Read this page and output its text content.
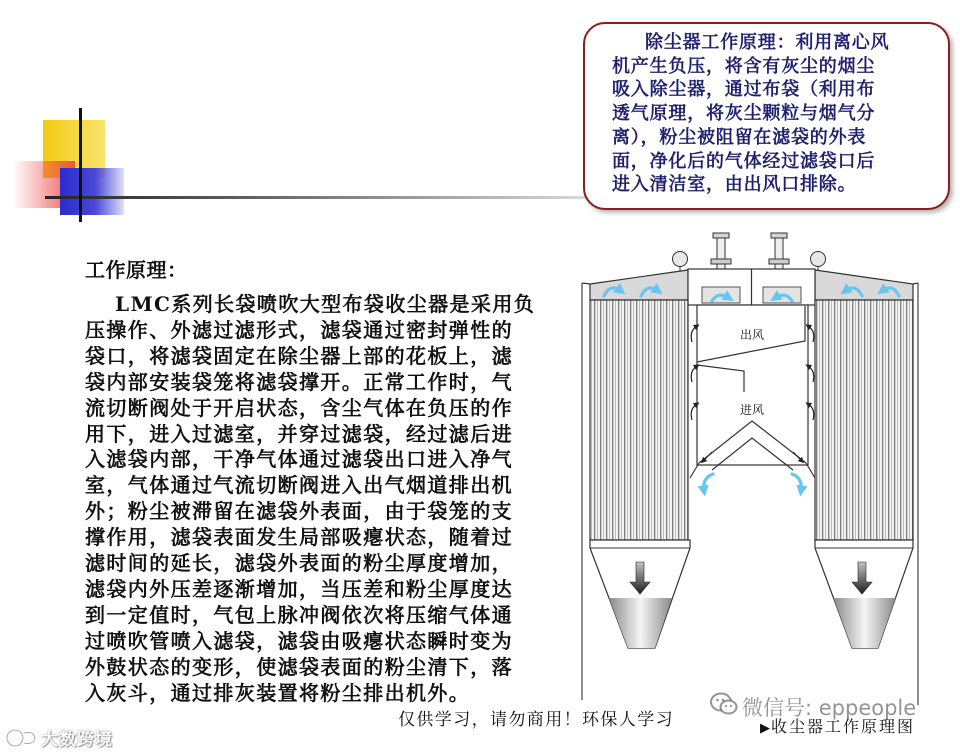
除尘器工作原理：利用离心风
机产生负压，将含有灰尘的烟尘
吸入除尘器，通过布袋（利用布
透气原理，将灰尘颗粒与烟气分
离），粉尘被阻留在滤袋的外表
面，净化后的气体经过滤袋口后
进入清洁室，由出风口排除。
工作原理：
LMC系列长袋喷吹大型布袋收尘器是采用负
压操作、外滤过滤形式，滤袋通过密封弹性的
袋口，将滤袋固定在除尘器上部的花板上，滤
袋内部安装袋笼将滤袋撑开。正常工作时，气
流切断阀处于开启状态，含尘气体在负压的作
用下，进入过滤室，并穿过滤袋，经过滤后进
入滤袋内部，干净气体通过滤袋出口进入净气
室，气体通过气流切断阀进入出气烟道排出机
外；粉尘被滞留在滤袋外表面，由于袋笼的支
撑作用，滤袋表面发生局部吸瘪状态，随着过
滤时间的延长，滤袋外表面的粉尘厚度增加，
滤袋内外压差逐渐增加，当压差和粉尘厚度达
到一定值时，气包上脉冲阀依次将压缩气体通
过喷吹管喷入滤袋，滤袋由吸瘪状态瞬时变为
外鼓状态的变形，使滤袋表面的粉尘清下，落
入灰斗，通过排灰装置将粉尘排出机外。
出风
进风
▶收尘器工作原理图
仅供学习，请勿商用！环保人学习
微信号: eppeople
大数跨境
